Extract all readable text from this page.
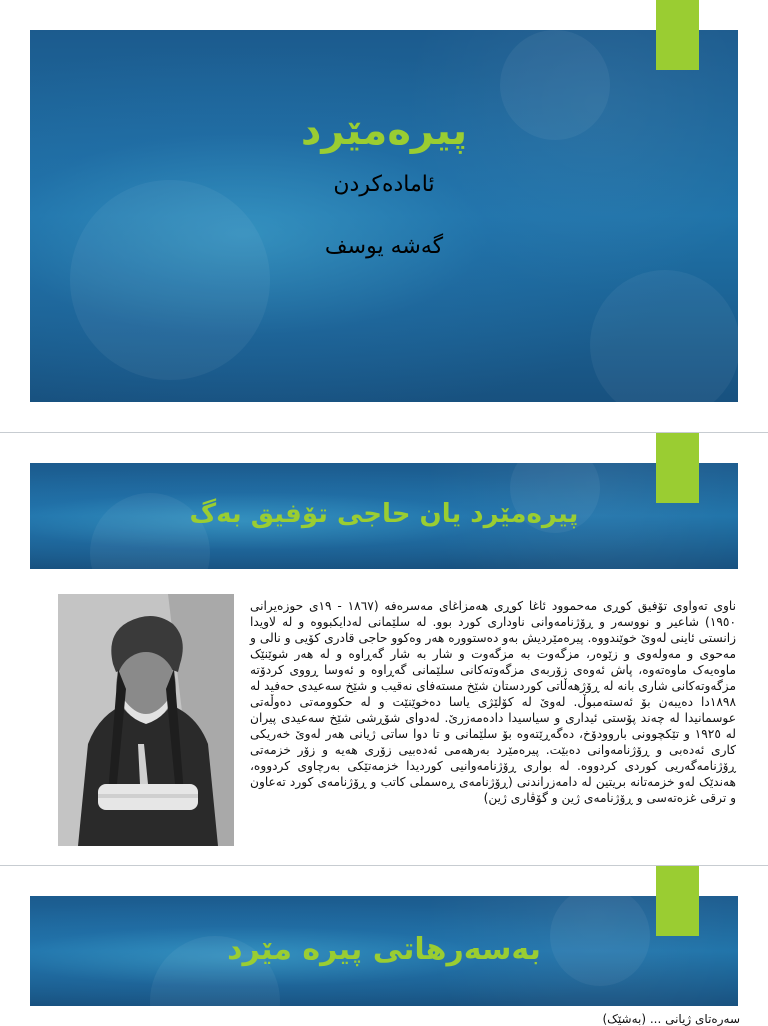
پیرەمێرد
ئامادەکردن
گەشە یوسف
پیرەمێرد یان حاجی تۆفیق بەگ
ناوی تەواوی تۆفیق کوڕی مەحموود ئاغا کوڕی هەمزاغای مەسرەفە (١٨٦٧ - ١٩ی حوزەیرانی ١٩٥٠) شاعیر و نووسەر و ڕۆژنامەوانی ناوداری کورد بوو. لە سلێمانی لەدایکبووە و لە لاویدا زانستی ئاینی لەوێ خوێندووە. پیرەمێردیش بەو دەستوورە هەر وەکوو حاجی قادری کۆیی و نالی و مەحوی و مەولەوی و زێوەر، مزگەوت بە مزگەوت و شار بە شار گەڕاوە و لە هەر شوێنێک ماوەیەک ماوەتەوە، پاش ئەوەی زۆربەی مزگەوتەکانی سلێمانی گەڕاوە و ئەوسا ڕووی کردۆتە مزگەوتەکانی شاری بانە لە ڕۆژهەڵاتی کوردستان شێخ مستەفای نەقیب و شێخ سەعیدی حەفید لە ١٨٩٨دا دەیبەن بۆ ئەستەمبوڵ. لەوێ لە کۆلێژی یاسا دەخوێنێت و لە حکوومەتی دەوڵەتی عوسمانیدا لە چەند پۆستی ئیداری و سیاسیدا دادەمەزرێ. لەدوای شۆڕشی شێخ سەعیدی پیران لە ١٩٢٥ و تێکچوونی باروودۆخ، دەگەڕێتەوە بۆ سلێمانی و تا دوا ساتی ژیانی هەر لەوێ خەریکی کاری ئەدەبی و ڕۆژنامەوانی دەبێت. پیرەمێرد بەرهەمی ئەدەبیی زۆری هەیە و زۆر خزمەتی ڕۆژنامەگەریی کوردی کردووە. لە بواری ڕۆژنامەوانیی کوردیدا خزمەتێکی بەرچاوی کردووە، هەندێک لەو خزمەتانە بریتین لە دامەزراندنی (ڕۆژنامەی ڕەسملی کاتب و ڕۆژنامەی کورد تەعاون و ترقی غزەتەسی و ڕۆژنامەی ژین و گۆڤاری ژین)
بەسەرهاتی پیرە مێرد
سەرەتای ژیانی ... (بەشێک)
